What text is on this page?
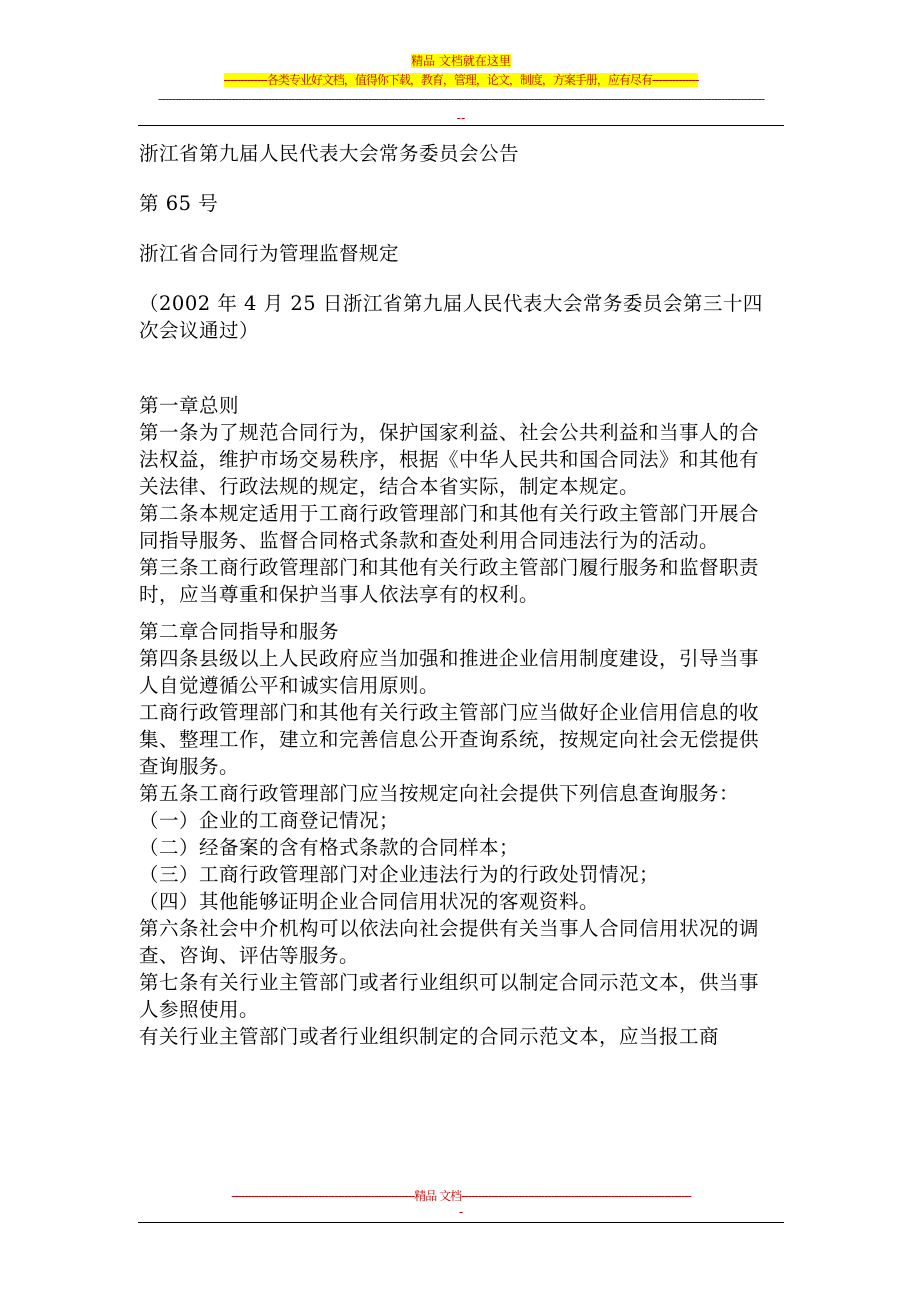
精品 文档就在这里
-------------各类专业好文档，值得你下载，教育，管理，论文，制度，方案手册，应有尽有--------------
--------------------------------------------------------------------------------------------------------------------------------------------------------------------------------------
--

浙江省第九届人民代表大会常务委员会公告

第 65 号

浙江省合同行为管理监督规定

（2002 年 4 月 25 日浙江省第九届人民代表大会常务委员会第三十四次会议通过）

第一章总则

第一条为了规范合同行为，保护国家利益、社会公共利益和当事人的合法权益，维护市场交易秩序，根据《中华人民共和国合同法》和其他有关法律、行政法规的规定，结合本省实际，制定本规定。

第二条本规定适用于工商行政管理部门和其他有关行政主管部门开展合同指导服务、监督合同格式条款和查处利用合同违法行为的活动。

第三条工商行政管理部门和其他有关行政主管部门履行服务和监督职责时，应当尊重和保护当事人依法享有的权利。

第二章合同指导和服务

第四条县级以上人民政府应当加强和推进企业信用制度建设，引导当事人自觉遵循公平和诚实信用原则。

工商行政管理部门和其他有关行政主管部门应当做好企业信用信息的收集、整理工作，建立和完善信息公开查询系统，按规定向社会无偿提供查询服务。

第五条工商行政管理部门应当按规定向社会提供下列信息查询服务：

（一）企业的工商登记情况；

（二）经备案的含有格式条款的合同样本；

（三）工商行政管理部门对企业违法行为的行政处罚情况；

（四）其他能够证明企业合同信用状况的客观资料。

第六条社会中介机构可以依法向社会提供有关当事人合同信用状况的调查、咨询、评估等服务。

第七条有关行业主管部门或者行业组织可以制定合同示范文本，供当事人参照使用。

有关行业主管部门或者行业组织制定的合同示范文本，应当报工商

-------------------------------------------------------精品 文档---------------------------------------------------------------------
-
